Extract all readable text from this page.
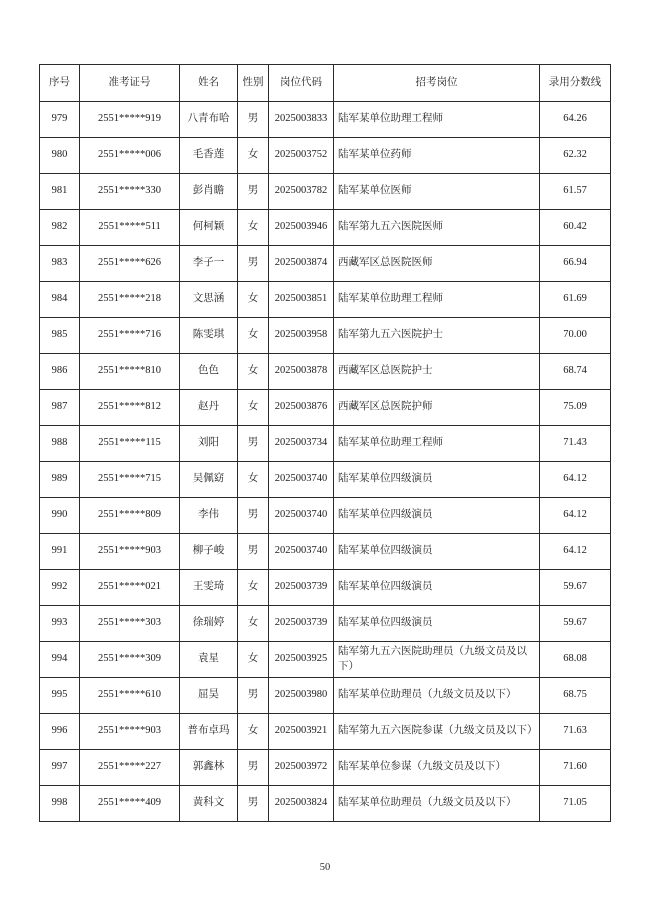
序号	准考证号	姓名	性别	岗位代码	招考岗位	录用分数线
979	2551*****919	八青布哈	男	2025003833	陆军某单位助理工程师	64.26
980	2551*****006	毛香莲	女	2025003752	陆军某单位药师	62.32
981	2551*****330	彭肖瞻	男	2025003782	陆军某单位医师	61.57
982	2551*****511	何柯颖	女	2025003946	陆军第九五六医院医师	60.42
983	2551*****626	李子一	男	2025003874	西藏军区总医院医师	66.94
984	2551*****218	文思涵	女	2025003851	陆军某单位助理工程师	61.69
985	2551*****716	陈雯琪	女	2025003958	陆军第九五六医院护士	70.00
986	2551*****810	色色	女	2025003878	西藏军区总医院护士	68.74
987	2551*****812	赵丹	女	2025003876	西藏军区总医院护师	75.09
988	2551*****115	刘阳	男	2025003734	陆军某单位助理工程师	71.43
989	2551*****715	吴佩窈	女	2025003740	陆军某单位四级演员	64.12
990	2551*****809	李伟	男	2025003740	陆军某单位四级演员	64.12
991	2551*****903	柳子峻	男	2025003740	陆军某单位四级演员	64.12
992	2551*****021	王雯琦	女	2025003739	陆军某单位四级演员	59.67
993	2551*****303	徐瑞婷	女	2025003739	陆军某单位四级演员	59.67
994	2551*****309	袁星	女	2025003925	陆军第九五六医院助理员（九级文员及以下）	68.08
995	2551*****610	屈昊	男	2025003980	陆军某单位助理员（九级文员及以下）	68.75
996	2551*****903	普布卓玛	女	2025003921	陆军第九五六医院参谋（九级文员及以下）	71.63
997	2551*****227	郭鑫林	男	2025003972	陆军某单位参谋（九级文员及以下）	71.60
998	2551*****409	黄科文	男	2025003824	陆军某单位助理员（九级文员及以下）	71.05
50
